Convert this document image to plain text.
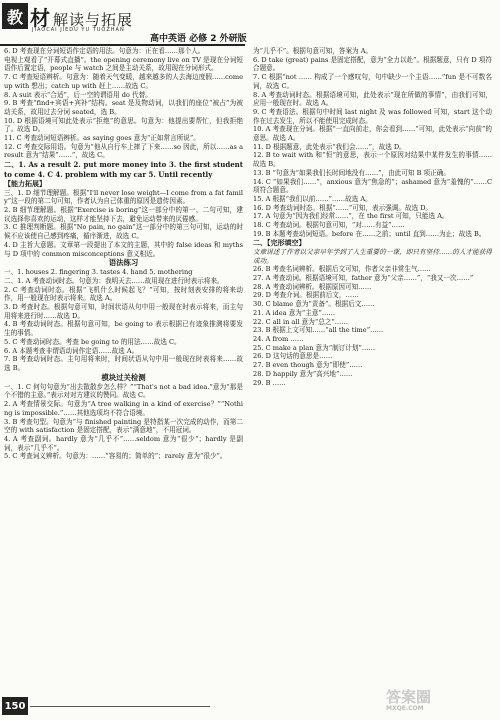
教 材 解读与拓展
JIAOCAI JIEDU YU TUOZHAN
高中英语 必修 2 外研版

6. D 考查现在分词短语作定语的用法。句意为：正在看……那个人。

电视上观看了“开幕式直播”。the opening ceremony live on TV 是现在分词短语作后置定语，people 与 watch 之间是主动关系，故用现在分词形式。

7. C 考查短语辨析。句意为：随着天气变暖，越来越多的人去海边度假……come up with 想出；catch up with 赶上……故选 C。

8. A suit 表示“合适”，后一空的谓语用 do 代替。

9. B 考查“find+宾语+宾补”结构。seat 是及物动词，以我们的座位“被占”为被动关系，故用过去分词 seated，选 B。

10. D 根据语境可知此处表示“拒绝”的意思。句意为：他提出要帮忙，但我拒绝了。故选 D。

11. C 考查动词短语辨析。as saying goes 意为“正如常言所说”。

12. C 考查交际用语。句意为“他从自行车上摔了下来……so 因此，所以……as a result 意为“结果”……”，故选 C。

二、1. As a result 2. put more money into 3. the first student to come 4. C 4. problem with my car 5. Until recently

【能力拓展】

三、1. D 细节理解题。根据“I'll never lose weight—I come from a fat family”这一段的第二句可知，作者认为自己体重的原因是遗传因素。

2. B 细节理解题。根据“Exercise is boring”这一部分中的第一、二句可知，建议选择你喜欢的运动，这样才能坚持下去，避免运动带来的厌倦感。

3. C 推理判断题。根据“No pain, no gain”这一部分中的第三句可知，运动的时候不应该使自己感到疼痛，循序渐进，故选 C。

4. D 主旨大意题。文章第一段提出了本文的主题，其中的 false ideas 和 myths 与 D 项中的 common misconceptions 意义相近。

语法练习

一、1. houses 2. fingering 3. tastes 4. hand 5. mothering

二、1. A 考查动词时态。句意为：我明天去……故用现在进行时表示将来。

2. C 考查动词时态。根据“飞机什么时候起飞？”可知，按时刻表安排的将来动作，用一般现在时表示将来。故选 A。

3. D 考查时态。根据句意可知，时间状语从句中用一般现在时表示将来，而主句用将来进行时……故选 D。

4. B 考查动词时态。根据句意可知，be going to 表示根据已有迹象推测将要发生的事情。

5. C 考查动词时态。考查 be going to 的用法……故选 C。

6. A 本题考查非谓语动词作定语……故选 A。

7. B 考查动词时态。主句用将来时，时间状语从句中用一般现在时表将来……故选 B。

模块过关检测

一、1. C 何句句意为“出去散散步怎么样？”“That's not a bad idea.”意为“那是个不错的主意。”表示对对方建议的赞同。故选 C。

2. A 考查情景交际。句意为“A tree walking in a kind of exercise？”“Nothing is impossible.”……其他选项均不符合语境。

3. B 考查句型。句意为“与 finished painting 是特指某一次完成的动作，而第二空的 with satisfaction 是固定搭配，表示“满意地”，不用冠词。

4. A 考查副词。hardly 意为“几乎不”……seldom 意为“很少”；hardly 是副词，表示“几乎不”。

5. C 考查词义辨析。句意为：……“容易的；简单的”；rarely 意为“很少”。

为“儿乎不”。根据句意可知，答案为 A。

6. D take (great) pains 是固定搭配，意为“全力以赴”。根据题意，只有 D 项符合题意。

7. C 根据“not …… 构成了一个感叹句，句中缺少一个主语……”fun 是不可数名词，故选 C。

8. A 考查动词时态。根据语境可知，此处表示“现在所做的事情”，由我们可知，应用一般现在时。故选 A。

9. C 考查语法。根据句中时间 last night 及 was followed 可知，start 这个动作在过去发生，所以不能使用完成时态。

10. A 考查现在分词。根据“一直向前走，你会看到……”可知，此处表示“向前”的意思。故选 A。

11. D 根据题意，此处表示“我们会……”，故选 D。

12. B to wait with 和“恒”的意思，表示一个原因对结果中某件发生的事情……故选 B。

13. B “句意为“如果我们长时间地没有……”，由此可知 B 项正确。

14. C “如果我们……”，anxious 意为“焦急的”；ashamed 意为“羞愧的”……C 项符合题意。

15. A 根据“我们以前……”……故选 A。

16. D 考查动词时态。根据“……”可知，表示强调。故选 D。

17. A 句意为“因为我们经常……”，在 the first 可知，只能选 A。

18. C 考查动词。根据句意可知，“对……有益”……

19. B 本题考查动词短语。before 在……之前；until 直到……为止；故选 B。

二、【完形填空】

文章讲述了作者以父亲早年学到了人生重要的一课，即只有坚持……的人才能获得成功。

26. B 考查名词辨析。根据后文可知，作者父亲非常生气……

27. A 考查动词。根据语境可知，father 意为“父亲……”，“我又一次……”

28. A 考查动词辨析。根据原因可知……

29. D 考查介词。根据前后文，……

30. C blame 意为“责备”。根据后文……

21. A idea 意为“主意”……

22. C all in all 意为“总之”……

23. B 根据上文可知……“all the time”……

24. A from ……

25. C make a plan 意为“制订计划”……

26. D 这句话的意思是……

27. B even though 意为“即使”……

28. D happily 意为“高兴地”……

29. B ……

150	答案圈
MXQE.COM
